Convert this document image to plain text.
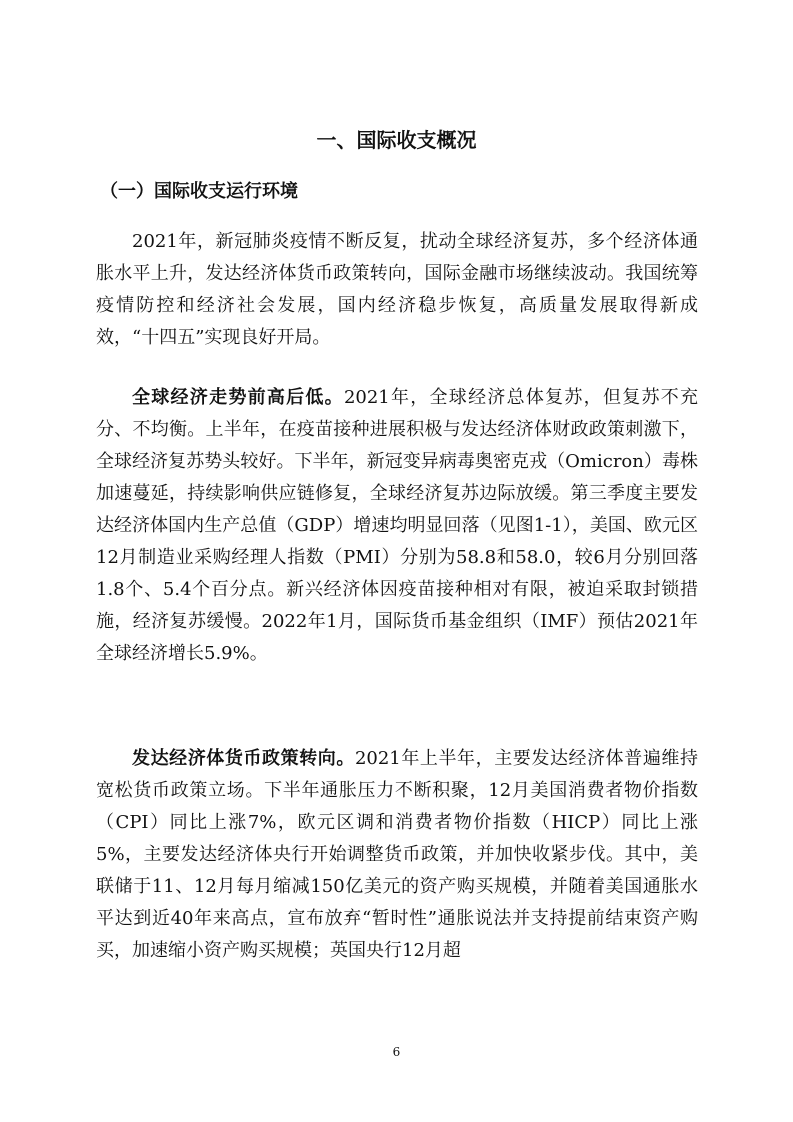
一、国际收支概况
（一）国际收支运行环境

2021年，新冠肺炎疫情不断反复，扰动全球经济复苏，多个经济体通胀水平上升，发达经济体货币政策转向，国际金融市场继续波动。我国统筹疫情防控和经济社会发展，国内经济稳步恢复，高质量发展取得新成效，“十四五”实现良好开局。

全球经济走势前高后低。2021年，全球经济总体复苏，但复苏不充分、不均衡。上半年，在疫苗接种进展积极与发达经济体财政政策刺激下，全球经济复苏势头较好。下半年，新冠变异病毒奥密克戎（Omicron）毒株加速蔓延，持续影响供应链修复，全球经济复苏边际放缓。第三季度主要发达经济体国内生产总值（GDP）增速均明显回落（见图1-1），美国、欧元区12月制造业采购经理人指数（PMI）分别为58.8和58.0，较6月分别回落1.8个、5.4个百分点。新兴经济体因疫苗接种相对有限，被迫采取封锁措施，经济复苏缓慢。2022年1月，国际货币基金组织（IMF）预估2021年全球经济增长5.9%。

发达经济体货币政策转向。2021年上半年，主要发达经济体普遍维持宽松货币政策立场。下半年通胀压力不断积聚，12月美国消费者物价指数（CPI）同比上涨7%，欧元区调和消费者物价指数（HICP）同比上涨5%，主要发达经济体央行开始调整货币政策，并加快收紧步伐。其中，美联储于11、12月每月缩减150亿美元的资产购买规模，并随着美国通胀水平达到近40年来高点，宣布放弃“暂时性”通胀说法并支持提前结束资产购买，加速缩小资产购买规模；英国央行12月超

6
